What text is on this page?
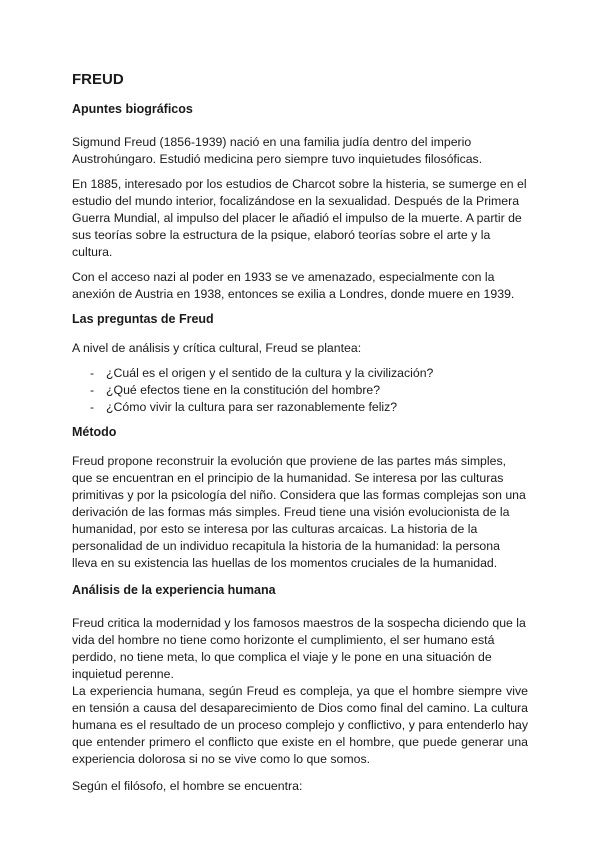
FREUD
Apuntes biográficos

Sigmund Freud (1856-1939) nació en una familia judía dentro del imperio Austrohúngaro. Estudió medicina pero siempre tuvo inquietudes filosóficas.

En 1885, interesado por los estudios de Charcot sobre la histeria, se sumerge en el estudio del mundo interior, focalizándose en la sexualidad. Después de la Primera Guerra Mundial, al impulso del placer le añadió el impulso de la muerte. A partir de sus teorías sobre la estructura de la psique, elaboró teorías sobre el arte y la cultura.

Con el acceso nazi al poder en 1933 se ve amenazado, especialmente con la anexión de Austria en 1938, entonces se exilia a Londres, donde muere en 1939.

Las preguntas de Freud

A nivel de análisis y crítica cultural, Freud se plantea:

- ¿Cuál es el origen y el sentido de la cultura y la civilización?
- ¿Qué efectos tiene en la constitución del hombre?
- ¿Cómo vivir la cultura para ser razonablemente feliz?
Método

Freud propone reconstruir la evolución que proviene de las partes más simples, que se encuentran en el principio de la humanidad. Se interesa por las culturas primitivas y por la psicología del niño. Considera que las formas complejas son una derivación de las formas más simples. Freud tiene una visión evolucionista de la humanidad, por esto se interesa por las culturas arcaicas. La historia de la personalidad de un individuo recapitula la historia de la humanidad: la persona lleva en su existencia las huellas de los momentos cruciales de la humanidad.

Análisis de la experiencia humana

Freud critica la modernidad y los famosos maestros de la sospecha diciendo que la vida del hombre no tiene como horizonte el cumplimiento, el ser humano está perdido, no tiene meta, lo que complica el viaje y le pone en una situación de inquietud perenne.

La experiencia humana, según Freud es compleja, ya que el hombre siempre vive en tensión a causa del desaparecimiento de Dios como final del camino. La cultura humana es el resultado de un proceso complejo y conflictivo, y para entenderlo hay que entender primero el conflicto que existe en el hombre, que puede generar una experiencia dolorosa si no se vive como lo que somos.

Según el filósofo, el hombre se encuentra:
